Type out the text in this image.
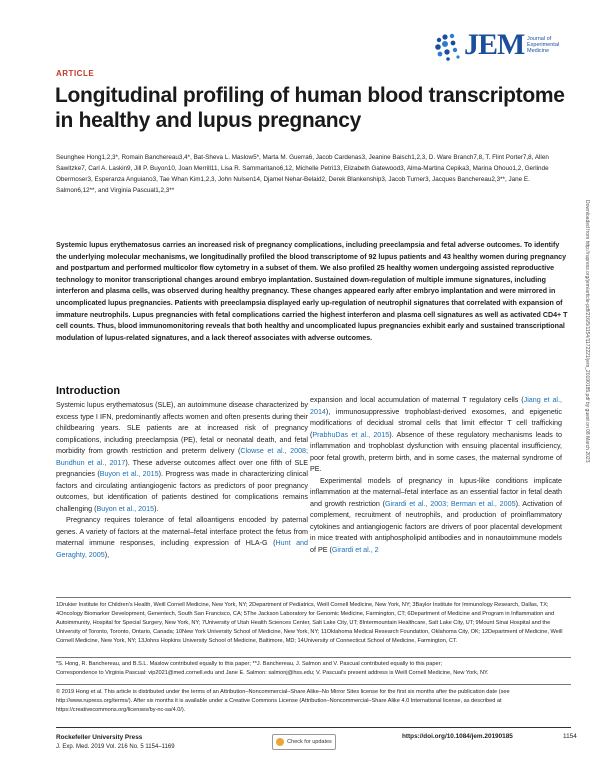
JEM Journal of
Experimental
Medicine
ARTICLE
Longitudinal profiling of human blood transcriptome in healthy and lupus pregnancy
Seunghee Hong1,2,3*, Romain Banchereau3,4*, Bat-Sheva L. Maslow5*, Marta M. Guerra6, Jacob Cardenas3, Jeanine Baisch1,2,3, D. Ware Branch7,8, T. Flint Porter7,8, Allen Sawitzke7, Carl A. Laskin9, Jill P. Buyon10, Joan Merrill11, Lisa R. Sammaritano6,12, Michelle Petri13, Elizabeth Gatewood3, Alma-Martina Cepika3, Marina Ohouo1,2, Gerlinde Obermoser3, Esperanza Anguiano3, Tae Whan Kim1,2,3, John Nulsen14, Djamel Nehar-Belaid2, Derek Blankenship3, Jacob Turner3, Jacques Banchereau2,3**, Jane E. Salmon6,12**, and Virginia Pascual1,2,3**
Systemic lupus erythematosus carries an increased risk of pregnancy complications, including preeclampsia and fetal adverse outcomes. To identify the underlying molecular mechanisms, we longitudinally profiled the blood transcriptome of 92 lupus patients and 43 healthy women during pregnancy and postpartum and performed multicolor flow cytometry in a subset of them. We also profiled 25 healthy women undergoing assisted reproductive technology to monitor transcriptional changes around embryo implantation. Sustained down-regulation of multiple immune signatures, including interferon and plasma cells, was observed during healthy pregnancy. These changes appeared early after embryo implantation and were mirrored in uncomplicated lupus pregnancies. Patients with preeclampsia displayed early up-regulation of neutrophil signatures that correlated with expansion of immature neutrophils. Lupus pregnancies with fetal complications carried the highest interferon and plasma cell signatures as well as activated CD4+ T cell counts. Thus, blood immunomonitoring reveals that both healthy and uncomplicated lupus pregnancies exhibit early and sustained transcriptional modulation of lupus-related signatures, and a lack thereof associates with adverse outcomes.
Introduction

Systemic lupus erythematosus (SLE), an autoimmune disease characterized by excess type I IFN, predominantly affects women and often presents during their childbearing years. SLE patients are at increased risk of pregnancy complications, including preeclampsia (PE), fetal or neonatal death, and fetal morbidity from growth restriction and preterm delivery (Clowse et al., 2008; Bundhun et al., 2017). These adverse outcomes affect over one fifth of SLE pregnancies (Buyon et al., 2015). Progress was made in characterizing clinical factors and circulating antiangiogenic factors as predictors of poor pregnancy outcomes, but identification of patients destined for complications remains challenging (Buyon et al., 2015).

Pregnancy requires tolerance of fetal alloantigens encoded by paternal genes. A variety of factors at the maternal–fetal interface protect the fetus from maternal immune responses, including expression of HLA-G (Hunt and Geraghty, 2005),

expansion and local accumulation of maternal T regulatory cells (Jiang et al., 2014), immunosuppressive trophoblast-derived exosomes, and epigenetic modifications of decidual stromal cells that limit effector T cell trafficking (PrabhuDas et al., 2015). Absence of these regulatory mechanisms leads to inflammation and trophoblast dysfunction with ensuing placental insufficiency, poor fetal growth, preterm birth, and in some cases, the maternal syndrome of PE.

Experimental models of pregnancy in lupus-like conditions implicate inflammation at the maternal–fetal interface as an essential factor in fetal death and growth restriction (Girardi et al., 2003; Berman et al., 2005). Activation of complement, recruitment of neutrophils, and production of proinflammatory cytokines and antiangiogenic factors are drivers of poor placental development in mice treated with antiphospholipid antibodies and in nonautoimmune models of PE (Girardi et al., 2

Downloaded from http://rupress.org/jem/article-pdf/216/5/1154/1172221/jem_20190185.pdf by guest on 08 March 2023
1Drukier Institute for Children's Health, Weill Cornell Medicine, New York, NY; 2Department of Pediatrics, Weill Cornell Medicine, New York, NY; 3Baylor Institute for Immunology Research, Dallas, TX; 4Oncology Biomarker Development, Genentech, South San Francisco, CA; 5The Jackson Laboratory for Genomic Medicine, Farmington, CT; 6Department of Medicine and Program in Inflammation and Autoimmunity, Hospital for Special Surgery, New York, NY; 7University of Utah Health Sciences Center, Salt Lake City, UT; 8Intermountain Healthcare, Salt Lake City, UT; 9Mount Sinai Hospital and the University of Toronto, Toronto, Ontario, Canada; 10New York University School of Medicine, New York, NY; 11Oklahoma Medical Research Foundation, Oklahoma City, OK; 12Department of Medicine, Weill Cornell Medicine, New York, NY; 13Johns Hopkins University School of Medicine, Baltimore, MD; 14University of Connecticut School of Medicine, Farmington, CT.
*S. Hong, R. Banchereau, and B.S.L. Maslow contributed equally to this paper; **J. Banchereau, J. Salmon and V. Pascual contributed equally to this paper;
Correspondence to Virginia Pascual: vip2021@med.cornell.edu and Jane E. Salmon: salmonj@hss.edu; V. Pascual's present address is Weill Cornell Medicine, New York, NY.
© 2019 Hong et al. This article is distributed under the terms of an Attribution–Noncommercial–Share Alike–No Mirror Sites license for the first six months after the publication date (see http://www.rupress.org/terms/). After six months it is available under a Creative Commons License (Attribution–Noncommercial–Share Alike 4.0 International license, as described at https://creativecommons.org/licenses/by-nc-sa/4.0/).
Rockefeller University Press
J. Exp. Med. 2019 Vol. 216 No. 5 1154–1169
Check for updates
https://doi.org/10.1084/jem.20190185	1154
